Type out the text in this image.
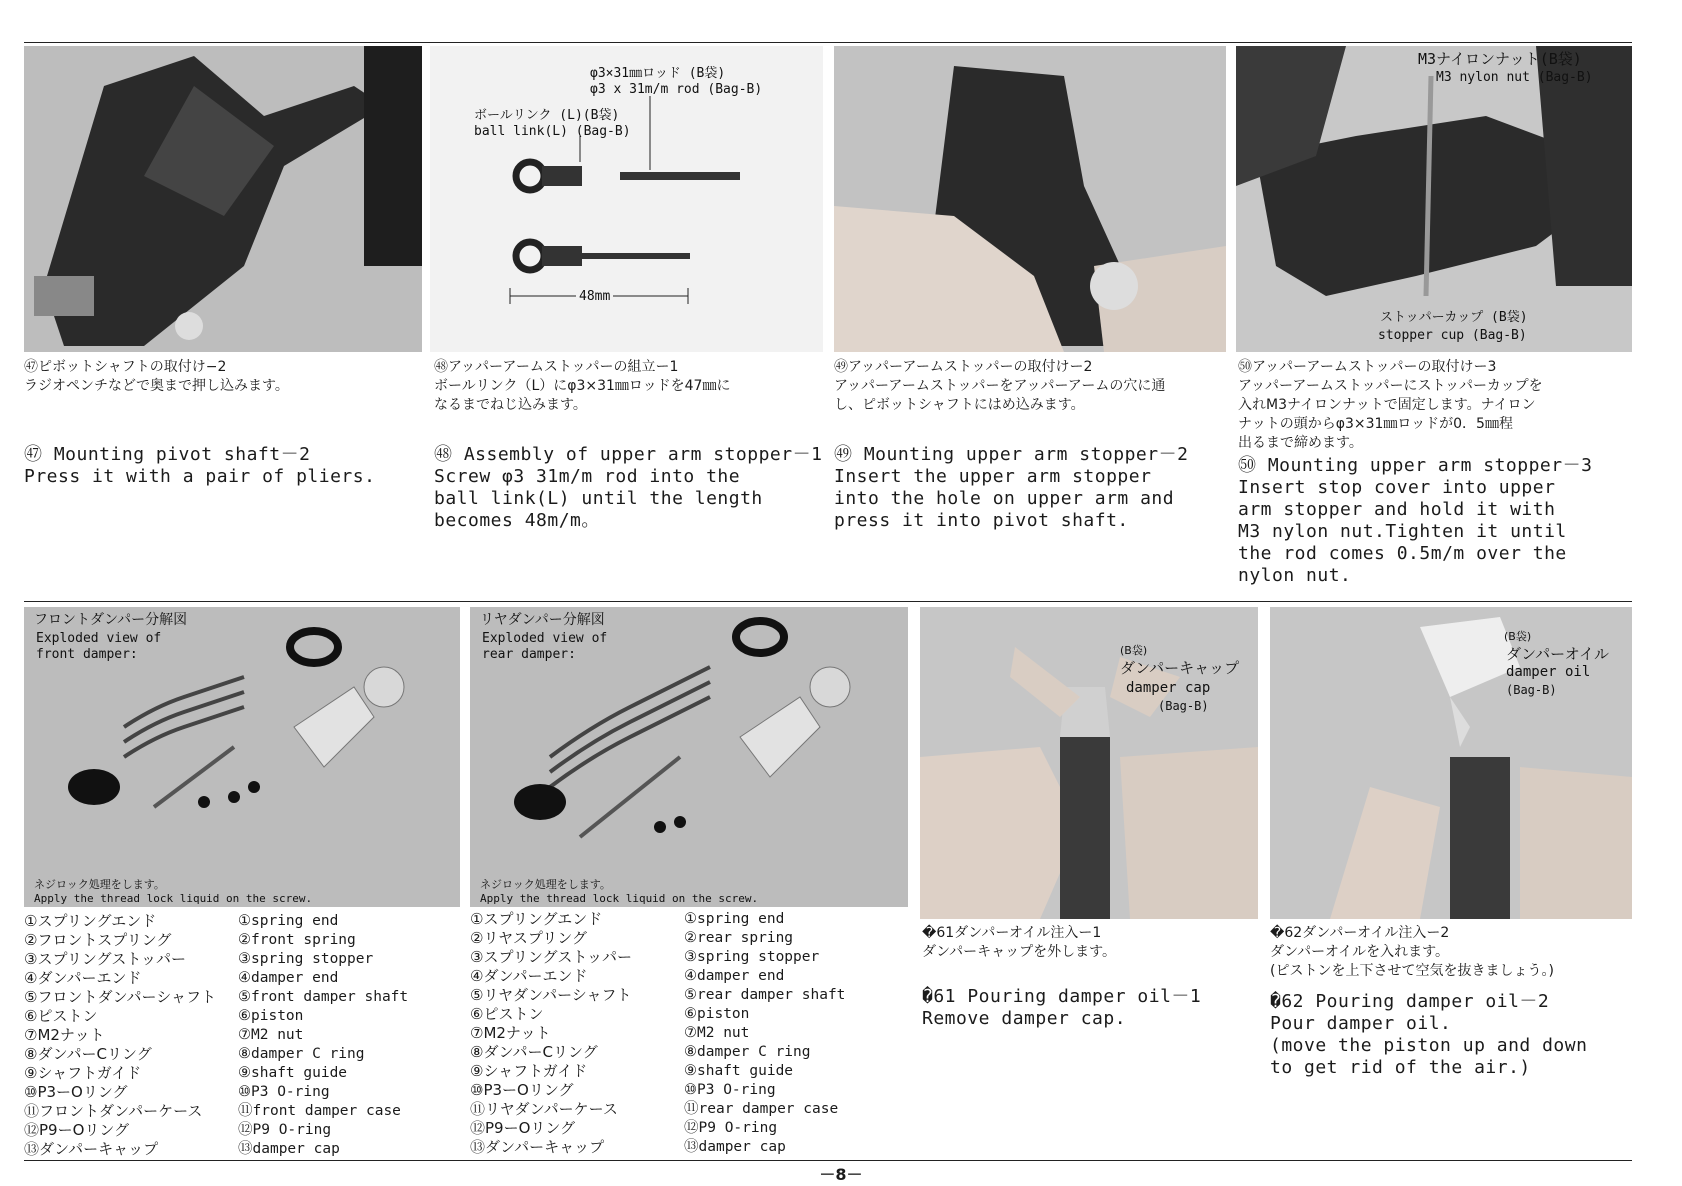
φ3×31㎜ロッド (B袋)
φ3 x 31m/m rod (Bag-B)
ボールリンク (L)(B袋)
ball link(L) (Bag-B)
48mm
M3ナイロンナット(B袋)
M3 nylon nut (Bag-B)
ストッパーカップ (B袋)
stopper cup (Bag-B)
㊼ピボットシャフトの取付け−2
ラジオペンチなどで奥まで押し込みます。
㊼ Mounting pivot shaft－2
Press it with a pair of pliers.
㊽アッパーアームストッパーの組立ー1
ボールリンク（L）にφ3×31㎜ロッドを47㎜に
なるまでねじ込みます。
㊽ Assembly of upper arm stopper－1
Screw φ3 31m/m rod into the
ball link(L) until the length
becomes 48m/m。
㊾アッパーアームストッパーの取付けー2
アッパーアームストッパーをアッパーアームの穴に通
し、ピボットシャフトにはめ込みます。
㊾ Mounting upper arm stopper－2
Insert the upper arm stopper
into the hole on upper arm and
press it into pivot shaft.
㊿アッパーアームストッパーの取付けー3
アッパーアームストッパーにストッパーカップを
入れM3ナイロンナットで固定します。ナイロン
ナットの頭からφ3×31㎜ロッドが0．5㎜程
出るまで締めます。
㊿ Mounting upper arm stopper－3
Insert stop cover into upper
arm stopper and hold it with
M3 nylon nut.Tighten it until
the rod comes 0.5m/m over the
nylon nut.
フロントダンパー分解図
Exploded view of
front damper:
ネジロック処理をします。
Apply the thread lock liquid on the screw.
①スプリングエンド	①spring end
②フロントスプリング	②front spring
③スプリングストッパー	③spring stopper
④ダンパーエンド	④damper end
⑤フロントダンパーシャフト	⑤front damper shaft
⑥ピストン	⑥piston
⑦M2ナット	⑦M2 nut
⑧ダンパーCリング	⑧damper C ring
⑨シャフトガイド	⑨shaft guide
⑩P3ーOリング	⑩P3 O-ring
⑪フロントダンパーケース	⑪front damper case
⑫P9ーOリング	⑫P9 O-ring
⑬ダンパーキャップ	⑬damper cap
リヤダンパー分解図
Exploded view of
rear damper:
ネジロック処理をします。
Apply the thread lock liquid on the screw.
①スプリングエンド	①spring end
②リヤスプリング	②rear spring
③スプリングストッパー	③spring stopper
④ダンパーエンド	④damper end
⑤リヤダンパーシャフト	⑤rear damper shaft
⑥ピストン	⑥piston
⑦M2ナット	⑦M2 nut
⑧ダンパーCリング	⑧damper C ring
⑨シャフトガイド	⑨shaft guide
⑩P3ーOリング	⑩P3 O-ring
⑪リヤダンパーケース	⑪rear damper case
⑫P9ーOリング	⑫P9 O-ring
⑬ダンパーキャップ	⑬damper cap
(B袋)
ダンパーキャップ
damper cap
(Bag-B)
(B袋)
ダンパーオイル
damper oil
(Bag-B)
�61ダンパーオイル注入ー1
ダンパーキャップを外します。
�61 Pouring damper oil－1
Remove damper cap.
�62ダンパーオイル注入ー2
ダンパーオイルを入れます。
(ピストンを上下させて空気を抜きましょう。)
�62 Pouring damper oil－2
Pour damper oil.
(move the piston up and down
to get rid of the air.)
－8－
